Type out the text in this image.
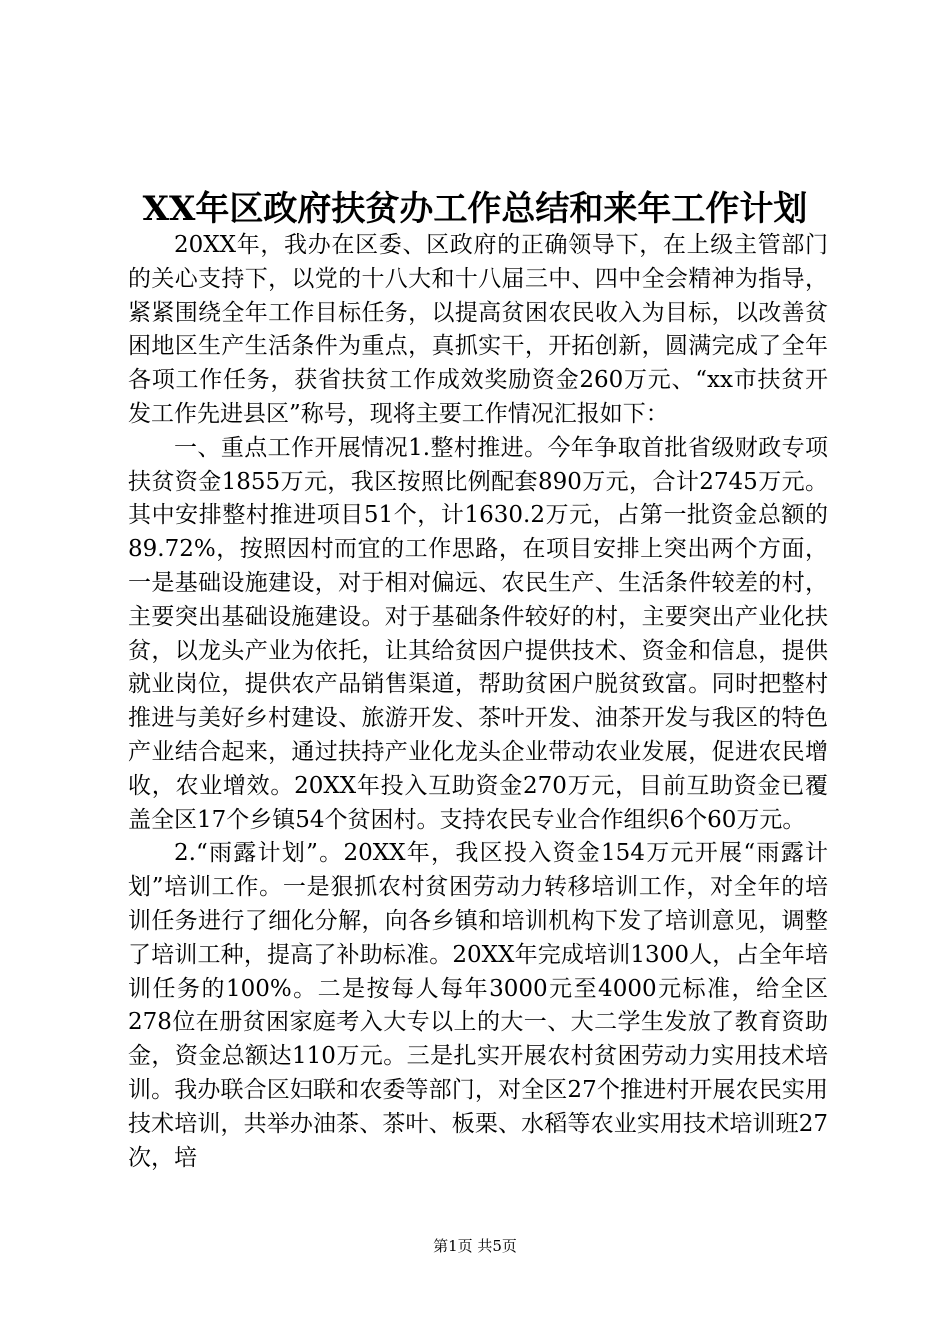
XX年区政府扶贫办工作总结和来年工作计划

20XX年，我办在区委、区政府的正确领导下，在上级主管部门的关心支持下，以党的十八大和十八届三中、四中全会精神为指导，紧紧围绕全年工作目标任务，以提高贫困农民收入为目标，以改善贫困地区生产生活条件为重点，真抓实干，开拓创新，圆满完成了全年各项工作任务，获省扶贫工作成效奖励资金260万元、“xx市扶贫开发工作先进县区”称号，现将主要工作情况汇报如下：

一、重点工作开展情况1.整村推进。今年争取首批省级财政专项扶贫资金1855万元，我区按照比例配套890万元，合计2745万元。其中安排整村推进项目51个，计1630.2万元，占第一批资金总额的89.72%，按照因村而宜的工作思路，在项目安排上突出两个方面，一是基础设施建设，对于相对偏远、农民生产、生活条件较差的村，主要突出基础设施建设。对于基础条件较好的村，主要突出产业化扶贫，以龙头产业为依托，让其给贫因户提供技术、资金和信息，提供就业岗位，提供农产品销售渠道，帮助贫困户脱贫致富。同时把整村推进与美好乡村建设、旅游开发、茶叶开发、油茶开发与我区的特色产业结合起来，通过扶持产业化龙头企业带动农业发展，促进农民增收，农业增效。20XX年投入互助资金270万元，目前互助资金已覆盖全区17个乡镇54个贫困村。支持农民专业合作组织6个60万元。

2.“雨露计划”。20XX年，我区投入资金154万元开展“雨露计划”培训工作。一是狠抓农村贫困劳动力转移培训工作，对全年的培训任务进行了细化分解，向各乡镇和培训机构下发了培训意见，调整了培训工种，提高了补助标准。20XX年完成培训1300人，占全年培训任务的100%。二是按每人每年3000元至4000元标准，给全区278位在册贫困家庭考入大专以上的大一、大二学生发放了教育资助金，资金总额达110万元。三是扎实开展农村贫困劳动力实用技术培训。我办联合区妇联和农委等部门，对全区27个推进村开展农民实用技术培训，共举办油茶、茶叶、板栗、水稻等农业实用技术培训班27次，培

第1页 共5页
